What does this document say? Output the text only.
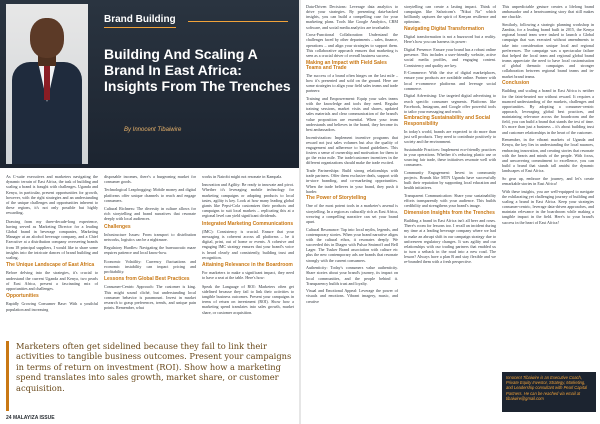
Brand Building
Building And Scaling A Brand In East Africa: Insights From The Trenches
By Innocent Tibaiwire

As C-suite executives and marketers navigating the dynamic terrain of East Africa, the task of building and scaling a brand is fraught with challenges. Uganda and Kenya, in particular, present opportunities for growth, however, with the right strategies and an understanding of the unique challenges and opportunities inherent to these regions, it's not only possible but highly rewarding.

Drawing from my three-decade-long experience, having served as Marketing Director for a leading Global brand in beverage companies, Marketing Manager at an alcohol beverage company, and a Chief Executive at a distribution company overseeing brands from 18 principal suppliers, I would like to share some insights into the intricate dances of brand building and scaling.

The Unique Landscape of East Africa

Before delving into the strategies, it's crucial to understand the current Uganda and Kenya, two pearls of East Africa, present a fascinating mix of opportunities and challenges.

Opportunities

Rapidly Growing Consumer Base: With a youthful population and increasing

disposable incomes, there's a burgeoning market for consumer goods.

Technological Leapfrogging: Mobile money and digital platforms offer unique channels to reach and engage consumers.

Cultural Richness: The diversity in culture allows for rich storytelling and brand narratives that resonate deeply with local audiences.

Challenges

Infrastructure Issues: From transport to distribution networks, logistics can be a nightmare.

Regulatory Hurdles: Navigating the bureaucratic maze requires patience and local know-how.

Economic Volatility: Currency fluctuations and economic instability can impact pricing and profitability.

Lessons from Global Best Practices

Consumer-Centric Approach: The customer is king. This might sound cliché, but understanding local consumer behavior is paramount. Invest in market research to grasp preferences, trends, and unique pain points. Remember, what

works in Nairobi might not resonate in Kampala.

Innovation and Agility: Be ready to innovate and pivot. Whether it's leveraging mobile technology for marketing campaigns or adapting products to local tastes, agility is key. Look at how many leading global giants like Pepsi-Cola customizes their products and campaigns to suit local markets – replicating this at a regional level can yield significant dividends.

Integrated Marketing Communications

(IMC): Consistency is crucial. Ensure that your messaging is coherent across all platforms – be it digital, print, out of home or events. A cohesive and engaging IMC strategy ensures that your brand's voice is heard clearly and consistently, building trust and recognition.

Attaining Relevance in the Boardroom

For marketers to make a significant impact, they need to have a seat at the table. Here's how:

Speak the Language of ROI: Marketers often get sidelined because they fail to link their activities to tangible business outcomes. Present your campaigns in terms of return on investment (ROI). Show how a marketing spend translates into sales growth, market share, or customer acquisition.

Marketers often get sidelined because they fail to link their activities to tangible business outcomes. Present your campaigns in terms of return on investment (ROI). Show how a marketing spend translates into sales growth, market share, or customer acquisition.

24 MALAYIZA ISSUE

Data-Driven Decisions: Leverage data analytics to drive your strategies. By presenting data-backed insights, you can build a compelling case for your marketing plans. Tools like Google Analytics, CRM software, and social media analytics are invaluable.

Cross-Functional Collaboration: Understand the challenges faced by other departments – sales, finance, operations – and align your strategies to support them. This collaborative approach ensures that marketing is seen as a crucial driver of overall business success.

Making an Impact with Field Sales Teams and Trade

The success of a brand often hinges on the last mile – how it's presented and sold on the ground. Here are some strategies to align your field sales teams and trade partners:

Training and Empowerment: Equip your sales teams with the knowledge and tools they need. Regular training sessions, market visits and shares, updated sales materials and clear communication of the brand's value proposition are essential. When your team understands and believes in the brand, they become its best ambassadors.

Incentivization: Implement incentive programs that reward not just sales volumes but also the quality of engagement and adherence to brand guidelines. This fosters a sense of ownership and motivation for them to go the extra mile. The trade/customer incentives in the different organizations should make the trade excited.

Trade Partnerships: Build strong relationships with trade partners. Offer them exclusive deals, support with in-store branding, and co-marketing opportunities. When the trade believes in your brand, they push it harder.

The Power of Storytelling

One of the most potent tools in a marketer's arsenal is storytelling. In a region as culturally rich as East Africa, weaving a compelling narrative can set your brand apart.

Cultural Resonance: Tap into local myths, legends, and contemporary stories. When your brand narrative aligns with the cultural ethos, it resonates deeply. We succeeded this in Diageo with Pulsar Smirnoff and Bell Lager. The Tusker Brand association with culture etc plus the new contemporary ads are brands that resonate strongly with the current consumers.

Authenticity: Today's consumers value authenticity. Share stories about your brand's journey, its impact on local communities, and the people behind it. Transparency builds trust and loyalty.

Visual and Emotional Appeal: Leverage the power of visuals and emotions. Vibrant imagery, music, and creative

storytelling can create a lasting impact. Think of campaigns like Safaricom's "Nikui Na" which brilliantly captures the spirit of Kenyan resilience and optimism.

Navigating Digital Transformation

Digital transformation is not a buzzword but a reality. Here's how you can harness its power:

Digital Presence: Ensure your brand has a robust online presence. This includes a user-friendly website, active social media profiles, and engaging content. Consistency and quality are key.

E-Commerce: With the rise of digital marketplaces, ensure your products are available online. Partner with local e-commerce platforms and leverage social commerce.

Digital Advertising: Use targeted digital advertising to reach specific consumer segments. Platforms like Facebook, Instagram, and Google offer powerful tools to tailor your messaging and reach.

Embracing Sustainability and Social Responsibility

In today's world, brands are expected to do more than just sell products. They need to contribute positively to society and the environment.

Sustainable Practices: Implement eco-friendly practices in your operations. Whether it's reducing plastic use or sourcing fair trade, these initiatives resonate well with consumers.

Community Engagement: Invest in community projects. Brands like MTN Uganda have successfully built their reputation by supporting local education and health initiatives.

Transparent Communication: Share your sustainability efforts transparently with your audience. This builds credibility and strengthens your brand's image.

Dimension Insights from the Trenches

Building a brand in East Africa isn't all beer and roses. There's room for lessons too. I recall an incident during my time at a leading beverage company where we had to make an abrupt shift in our campaign strategy due to unforeseen regulatory changes. It was agility and our relationships with our trading partners that enabled us to turn a setback in the road into a new road. The lesson? Always have a plan B and stay flexible and we re-branded them with a fresh perspective.

This unpredictable gesture creates a lifelong brand ambassador and a heartwarming story that still makes me chuckle.

Similarly, following a strategic planning workshop in Zambia, for a leading brand built in 2015, the Kenya regional brand team were tasked to launch a Global campaign that was executed without amendments to take into consideration unique local and regional preferences. The campaign was a spectacular failure that helped the local team and regional global brand teams appreciate the need to have local customisation of global thematic campaigns and stronger collaboration between regional brand teams and in-market brand teams.

Conclusion

Building and scaling a brand in East Africa is neither for the faint-hearted nor without reward. It requires a nuanced understanding of the markets, challenges and opportunities. By adopting a consumer-centric approach, leveraging global best practices, and maintaining relevance across the boardroom and the field, you can build a brand that stands the test of time. It's more than just a business – it's about building trust and customer relationships in the heart of the customer.

Remember, in the vibrant markets of Uganda and Kenya, the key lies in understanding the local nuances, embracing innovation, and creating stories that resonate with the hearts and minds of the people. With focus, and unwavering commitment to excellence, you can build a brand that stands tall amidst the dynamic landscapes of East Africa.

So gear up, embrace the journey, and let's create remarkable stories in East Africa!

With these insights, you are well-equipped to navigate the exhilarating yet challenging journey of building and scaling a brand in East Africa. Keep your strategies consumer-centric, leverage data-driven approaches, and maintain relevance in the boardroom while making a tangible impact in the field. Here's to your brand's success in the heart of East Africa!

Innocent Tibaiwire is an Executive Coach, Private Equity Investor, Strategy, Marketing, and Leadership consultant with Pearl Capital Partners. He can be reached via email at tibaiwire@gmail.com
